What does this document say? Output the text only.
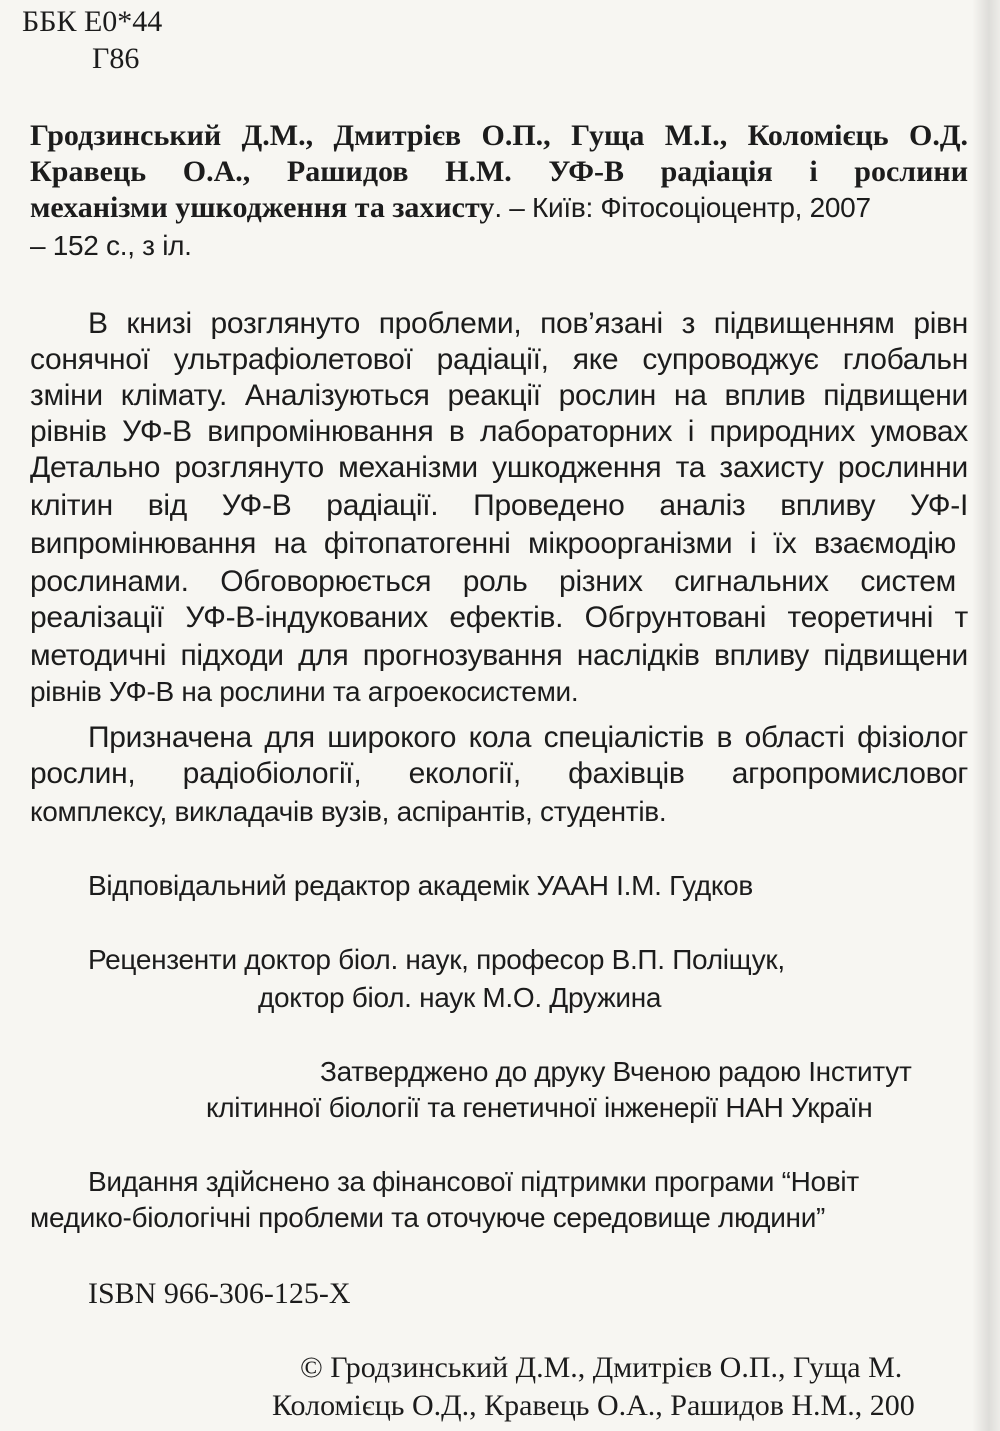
ББК Е0*44
Г86
Гродзинський Д.М., Дмитрієв О.П., Гуща М.І., Коломієць О.Д.
Кравець О.А., Рашидов Н.М. УФ-В радіація і рослини
механізми ушкодження та захисту. – Київ: Фітосоціоцентр, 2007
– 152 с., з іл.
В книзі розглянуто проблеми, пов’язані з підвищенням рівн
сонячної ультрафіолетової радіації, яке супроводжує глобальн
зміни клімату. Аналізуються реакції рослин на вплив підвищени
рівнів УФ-В випромінювання в лабораторних і природних умовах
Детально розглянуто механізми ушкодження та захисту рослинни
клітин від УФ-В радіації. Проведено аналіз впливу УФ-І
випромінювання на фітопатогенні мікроорганізми і їх взаємодію
рослинами. Обговорюється роль різних сигнальних систем
реалізації УФ-В-індукованих ефектів. Обгрунтовані теоретичні т
методичні підходи для прогнозування наслідків впливу підвищени
рівнів УФ-В на рослини та агроекосистеми.
Призначена для широкого кола спеціалістів в області фізіолог
рослин, радіобіології, екології, фахівців агропромисловог
комплексу, викладачів вузів, аспірантів, студентів.
Відповідальний редактор академік УААН І.М. Гудков
Рецензенти доктор біол. наук, професор В.П. Поліщук,
доктор біол. наук М.О. Дружина
Затверджено до друку Вченою радою Інститут
клітинної біології та генетичної інженерії НАН Україн
Видання здійснено за фінансової підтримки програми “Новіт
медико-біологічні проблеми та оточуюче середовище людини”
ISBN 966-306-125-X
© Гродзинський Д.М., Дмитрієв О.П., Гуща М.
Коломієць О.Д., Кравець О.А., Рашидов Н.М., 200
